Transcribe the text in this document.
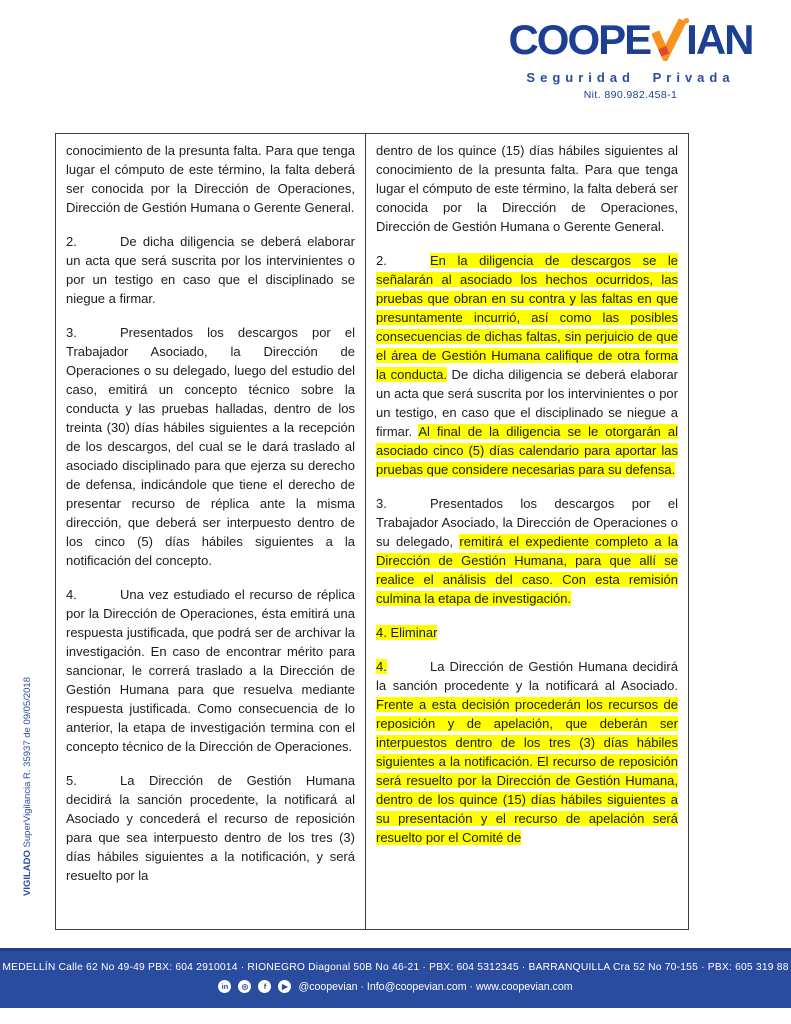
COOPE IAN
Seguridad Privada
Nit. 890.982.458-1
VIGILADO SuperVigilancia R. 35937 de 09/05/2018

conocimiento de la presunta falta. Para que tenga lugar el cómputo de este término, la falta deberá ser conocida por la Dirección de Operaciones, Dirección de Gestión Humana o Gerente General.

2.	De dicha diligencia se deberá elaborar un acta que será suscrita por los intervinientes o por un testigo en caso que el disciplinado se niegue a firmar.

3.	Presentados los descargos por el Trabajador Asociado, la Dirección de Operaciones o su delegado, luego del estudio del caso, emitirá un concepto técnico sobre la conducta y las pruebas halladas, dentro de los treinta (30) días hábiles siguientes a la recepción de los descargos, del cual se le dará traslado al asociado disciplinado para que ejerza su derecho de defensa, indicándole que tiene el derecho de presentar recurso de réplica ante la misma dirección, que deberá ser interpuesto dentro de los cinco (5) días hábiles siguientes a la notificación del concepto.

4.	Una vez estudiado el recurso de réplica por la Dirección de Operaciones, ésta emitirá una respuesta justificada, que podrá ser de archivar la investigación. En caso de encontrar mérito para sancionar, le correrá traslado a la Dirección de Gestión Humana para que resuelva mediante respuesta justificada. Como consecuencia de lo anterior, la etapa de investigación termina con el concepto técnico de la Dirección de Operaciones.

5.	La Dirección de Gestión Humana decidirá la sanción procedente, la notificará al Asociado y concederá el recurso de reposición para que sea interpuesto dentro de los tres (3) días hábiles siguientes a la notificación, y será resuelto por la

dentro de los quince (15) días hábiles siguientes al conocimiento de la presunta falta. Para que tenga lugar el cómputo de este término, la falta deberá ser conocida por la Dirección de Operaciones, Dirección de Gestión Humana o Gerente General.

2.	En la diligencia de descargos se le señalarán al asociado los hechos ocurridos, las pruebas que obran en su contra y las faltas en que presuntamente incurrió, así como las posibles consecuencias de dichas faltas, sin perjuicio de que el área de Gestión Humana califique de otra forma la conducta. De dicha diligencia se deberá elaborar un acta que será suscrita por los intervinientes o por un testigo, en caso que el disciplinado se niegue a firmar. Al final de la diligencia se le otorgarán al asociado cinco (5) días calendario para aportar las pruebas que considere necesarias para su defensa.

3.	Presentados los descargos por el Trabajador Asociado, la Dirección de Operaciones o su delegado, remitirá el expediente completo a la Dirección de Gestión Humana, para que allí se realice el análisis del caso. Con esta remisión culmina la etapa de investigación.

4. Eliminar

4.	La Dirección de Gestión Humana decidirá la sanción procedente y la notificará al Asociado. Frente a esta decisión procederán los recursos de reposición y de apelación, que deberán ser interpuestos dentro de los tres (3) días hábiles siguientes a la notificación. El recurso de reposición será resuelto por la Dirección de Gestión Humana, dentro de los quince (15) días hábiles siguientes a su presentación y el recurso de apelación será resuelto por el Comité de

MEDELLÍN Calle 62 No 49-49 PBX: 604 2910014 · RIONEGRO Diagonal 50B No 46-21 · PBX: 604 5312345 · BARRANQUILLA Cra 52 No 70-155 · PBX: 605 319 88
in	◎	f	▶	@coopevian · Info@coopevian.com · www.coopevian.com
